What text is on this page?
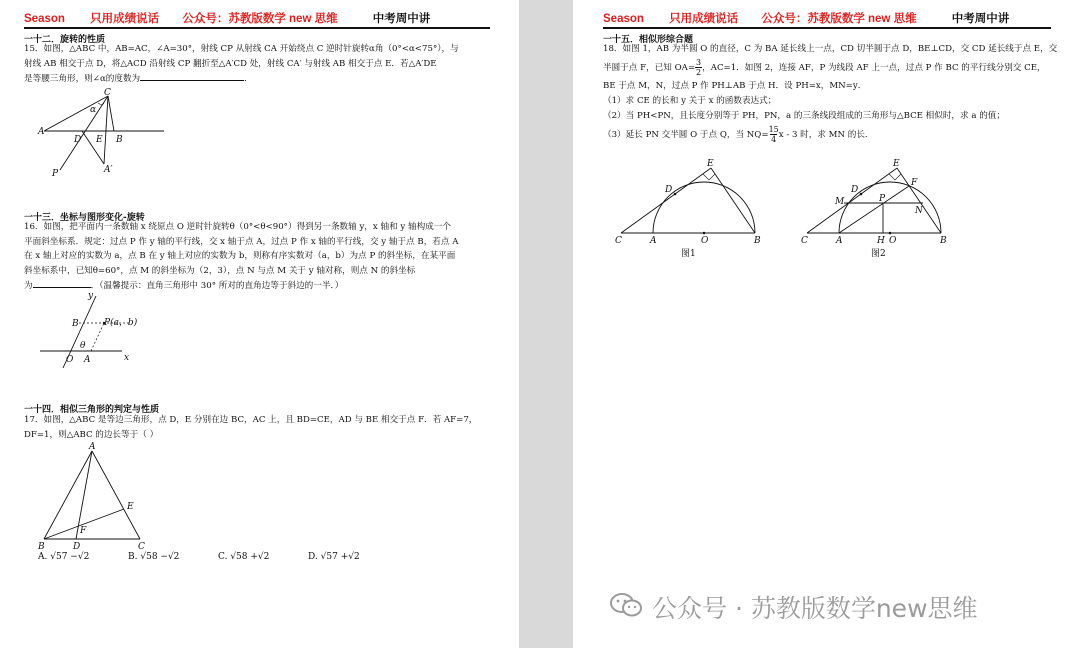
Season 只用成绩说话 公众号：苏教版数学 new 思维	中考周中讲
一十二．旋转的性质
15．如图，△ABC 中，AB=AC，∠A=30°，射线 CP 从射线 CA 开始绕点 C 逆时针旋转α角（0°<α<75°），与
射线 AB 相交于点 D，将△ACD 沿射线 CP 翻折至△A′CD 处，射线 CA′ 与射线 AB 相交于点 E．若△A′DE
是等腰三角形，则∠α的度数为	．
C
α
A
D E B
P	A′
一十三．坐标与图形变化-旋转
16．如图，把平面内一条数轴 x 绕原点 O 逆时针旋转θ（0°<θ<90°）得到另一条数轴 y，x 轴和 y 轴构成一个
平面斜坐标系．规定：过点 P 作 y 轴的平行线，交 x 轴于点 A，过点 P 作 x 轴的平行线，交 y 轴于点 B，若点 A
在 x 轴上对应的实数为 a，点 B 在 y 轴上对应的实数为 b，则称有序实数对（a，b）为点 P 的斜坐标，在某平面
斜坐标系中，已知θ=60°，点 M 的斜坐标为（2，3），点 N 与点 M 关于 y 轴对称，则点 N 的斜坐标
为	．（温馨提示：直角三角形中 30° 所对的直角边等于斜边的一半．）
y
B	P(a，b)
θ
O A	x
一十四．相似三角形的判定与性质
17．如图，△ABC 是等边三角形，点 D，E 分别在边 BC，AC 上，且 BD=CE，AD 与 BE 相交于点 F．若 AF=7，
DF=1，则△ABC 的边长等于（ ）
A
E
F
B	D	C
A. √57 −√2	B. √58 −√2	C. √58 +√2	D. √57 +√2
Season 只用成绩说话 公众号：苏教版数学 new 思维	中考周中讲
一十五．相似形综合题
18．如图 1，AB 为半圆 O 的直径，C 为 BA 延长线上一点，CD 切半圆于点 D，BE⊥CD，交 CD 延长线于点 E，交
半圆于点 F，已知 $OA= \frac{3}{2}$ ，AC=1．如图 2，连接 AF，P 为线段 AF 上一点，过点 P 作 BC 的平行线分别交 CE，
BE 于点 M，N，过点 P 作 PH⊥AB 于点 H．设 PH=x，MN=y．
（1）求 CE 的长和 y 关于 x 的函数表达式；
（2）当 PH<PN，且长度分别等于 PH，PN，a 的三条线段组成的三角形与△BCE 相似时，求 a 的值；
（3）延长 PN 交半圆 O 于点 Q，当 $NQ= \frac{15}{4}$ x - 3 时，求 MN 的长．
E
D
C	A	O	B
图1
E
D
F
M	P
N
C	A	H O	B
图2
公众号 · 苏教版数学new思维
